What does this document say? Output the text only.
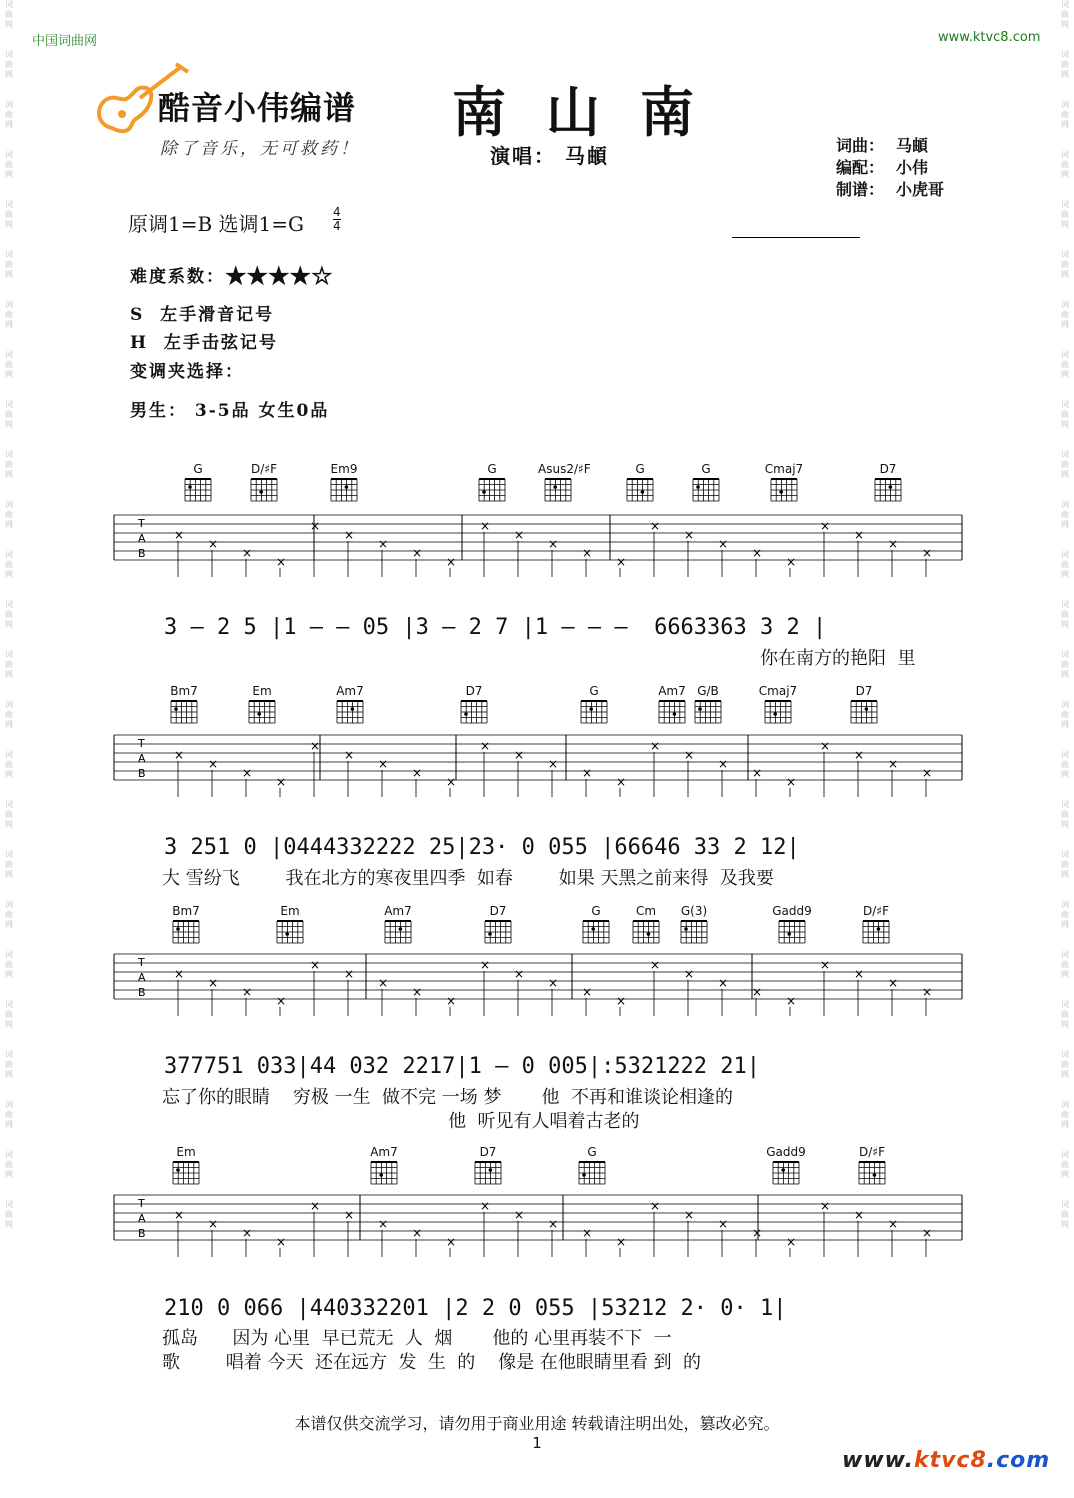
词
曲
网

词
曲
网

词
曲
网

词
曲
网

词
曲
网

词
曲
网

词
曲
网

词
曲
网

词
曲
网

词
曲
网

词
曲
网

词
曲
网

词
曲
网

词
曲
网

词
曲
网

词
曲
网

词
曲
网

词
曲
网

词
曲
网

词
曲
网

词
曲
网

词
曲
网

词
曲
网

词
曲
网

词
曲
网

词
曲
网

词
曲
网

词
曲
网

词
曲
网

词
曲
网

词
曲
网

词
曲
网

词
曲
网

词
曲
网

词
曲
网

词
曲
网

词
曲
网

词
曲
网

词
曲
网

词
曲
网

词
曲
网

词
曲
网

词
曲
网

词
曲
网

词
曲
网

词
曲
网

词
曲
网

词
曲
网

词
曲
网

词
曲
网

中国词曲网	www.ktvc8.com
酷音小伟编谱
除了音乐，无可救药！
南山南
演唱： 马頔	词曲： 马頔
编配： 小伟
制谱： 小虎哥
原调1=B 选调1=G 4
4
难度系数：★★★★☆
S 左手滑音记号
H 左手击弦记号
变调夹选择：
男生： 3-5品 女生0品
G	D/♯F	Em9	G	Asus2/♯F	G	G	Cmaj7	D7
T
A
B
×
×
×
×
×
×
×
×
×
×
×
×
×
×
×
×
×
×
×
×
×
×
×
3 – 2 5 |1 – – 05 |3 – 2 7 |1 – – –  6663363 3 2 |
你在南方的艳阳  里
Bm7	Em	Am7	D7	G	Am7 G/B	Cmaj7	D7
T
A
B
×
×
×
×
×
×
×
×
×
×
×
×
×
×
×
×
×
×
×
×
×
×
×
3 251 0 |0444332222 25|23· 0 055 |66646 33 2 12|
大 雪纷飞        我在北方的寒夜里四季  如春        如果 天黑之前来得  及我要
Bm7	Em	Am7	D7	G	Cm	G(3)	Gadd9	D/♯F
T
A
B
×
×
×
×
×
×
×
×
×
×
×
×
×
×
×
×
×
×
×
×
×
×
×
377751 033|44 032 2217|1 – 0 005|:5321222 21|
忘了你的眼睛    穷极 一生  做不完 一场 梦       他  不再和谁谈论相逢的
他  听见有人唱着古老的
Em	Am7	D7	G	Gadd9	D/♯F
T
A
B
×
×
×
×
×
×
×
×
×
×
×
×
×
×
×
×
×
×
×
×
×
×
×
210 0 066 |440332201 |2 2 0 055 |53212 2· 0· 1|
孤岛      因为 心里  早已荒无  人  烟       他的 心里再装不下  一
歌        唱着 今天  还在远方  发  生  的    像是 在他眼睛里看 到  的
本谱仅供交流学习，请勿用于商业用途 转载请注明出处，篡改必究。
1
www.ktvc8.com
